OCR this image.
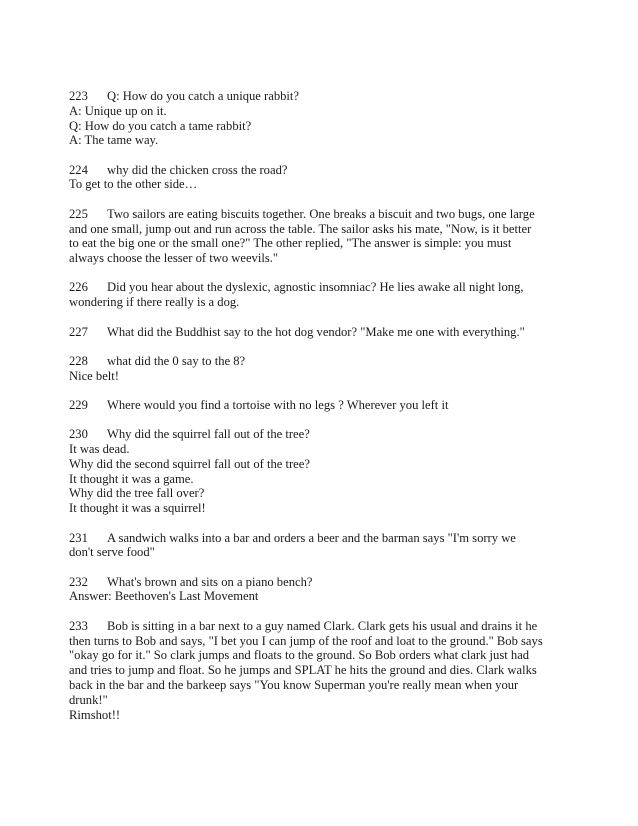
223 Q: How do you catch a unique rabbit?
A: Unique up on it.
Q: How do you catch a tame rabbit?
A: The tame way.
224 why did the chicken cross the road?
To get to the other side…
225 Two sailors are eating biscuits together. One breaks a biscuit and two bugs, one large
and one small, jump out and run across the table. The sailor asks his mate, "Now, is it better
to eat the big one or the small one?" The other replied, "The answer is simple: you must
always choose the lesser of two weevils."
226 Did you hear about the dyslexic, agnostic insomniac? He lies awake all night long,
wondering if there really is a dog.
227 What did the Buddhist say to the hot dog vendor? "Make me one with everything."
228 what did the 0 say to the 8?
Nice belt!
229 Where would you find a tortoise with no legs ? Wherever you left it
230 Why did the squirrel fall out of the tree?
It was dead.
Why did the second squirrel fall out of the tree?
It thought it was a game.
Why did the tree fall over?
It thought it was a squirrel!
231 A sandwich walks into a bar and orders a beer and the barman says "I'm sorry we
don't serve food"
232 What's brown and sits on a piano bench?
Answer: Beethoven's Last Movement
233 Bob is sitting in a bar next to a guy named Clark. Clark gets his usual and drains it he
then turns to Bob and says, "I bet you I can jump of the roof and loat to the ground." Bob says
"okay go for it." So clark jumps and floats to the ground. So Bob orders what clark just had
and tries to jump and float. So he jumps and SPLAT he hits the ground and dies. Clark walks
back in the bar and the barkeep says "You know Superman you're really mean when your
drunk!"
Rimshot!!
